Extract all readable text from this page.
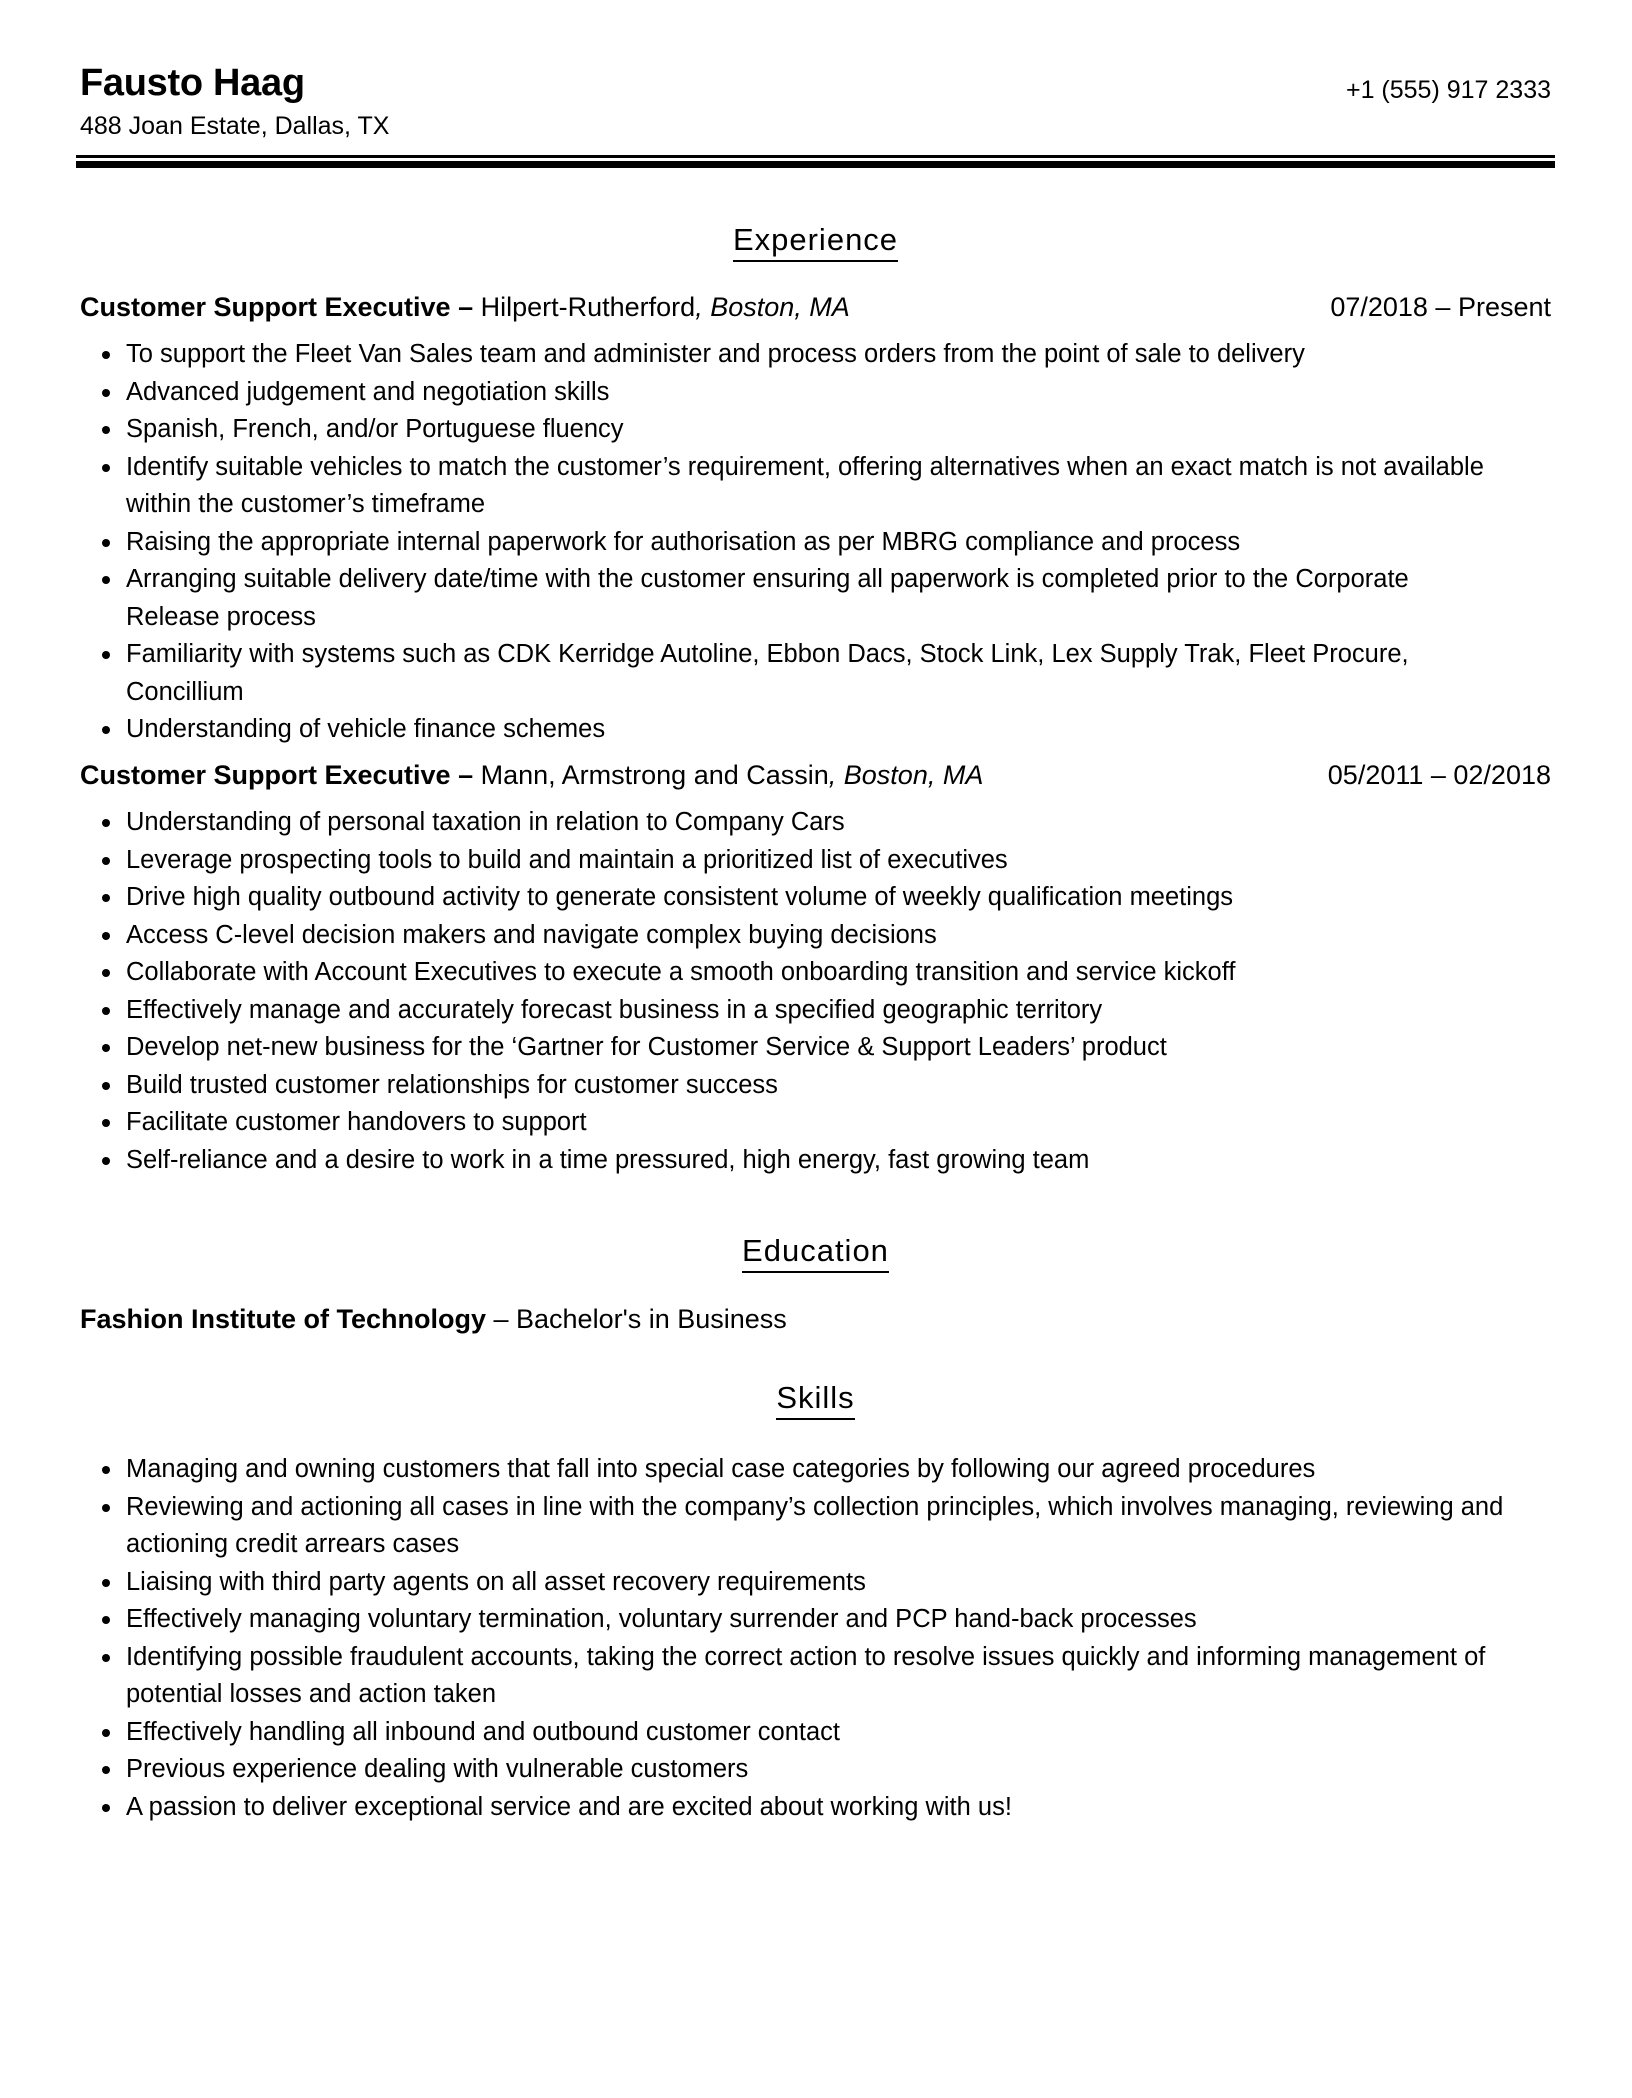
Fausto Haag
488 Joan Estate, Dallas, TX
+1 (555) 917 2333
Experience
Customer Support Executive – Hilpert-Rutherford, Boston, MA	07/2018 – Present
To support the Fleet Van Sales team and administer and process orders from the point of sale to delivery
Advanced judgement and negotiation skills
Spanish, French, and/or Portuguese fluency
Identify suitable vehicles to match the customer’s requirement, offering alternatives when an exact match is not available within the customer’s timeframe
Raising the appropriate internal paperwork for authorisation as per MBRG compliance and process
Arranging suitable delivery date/time with the customer ensuring all paperwork is completed prior to the Corporate Release process
Familiarity with systems such as CDK Kerridge Autoline, Ebbon Dacs, Stock Link, Lex Supply Trak, Fleet Procure, Concillium
Understanding of vehicle finance schemes
Customer Support Executive – Mann, Armstrong and Cassin, Boston, MA	05/2011 – 02/2018
Understanding of personal taxation in relation to Company Cars
Leverage prospecting tools to build and maintain a prioritized list of executives
Drive high quality outbound activity to generate consistent volume of weekly qualification meetings
Access C-level decision makers and navigate complex buying decisions
Collaborate with Account Executives to execute a smooth onboarding transition and service kickoff
Effectively manage and accurately forecast business in a specified geographic territory
Develop net-new business for the ‘Gartner for Customer Service & Support Leaders’ product
Build trusted customer relationships for customer success
Facilitate customer handovers to support
Self-reliance and a desire to work in a time pressured, high energy, fast growing team
Education
Fashion Institute of Technology – Bachelor's in Business
Skills
Managing and owning customers that fall into special case categories by following our agreed procedures
Reviewing and actioning all cases in line with the company’s collection principles, which involves managing, reviewing and actioning credit arrears cases
Liaising with third party agents on all asset recovery requirements
Effectively managing voluntary termination, voluntary surrender and PCP hand-back processes
Identifying possible fraudulent accounts, taking the correct action to resolve issues quickly and informing management of potential losses and action taken
Effectively handling all inbound and outbound customer contact
Previous experience dealing with vulnerable customers
A passion to deliver exceptional service and are excited about working with us!
